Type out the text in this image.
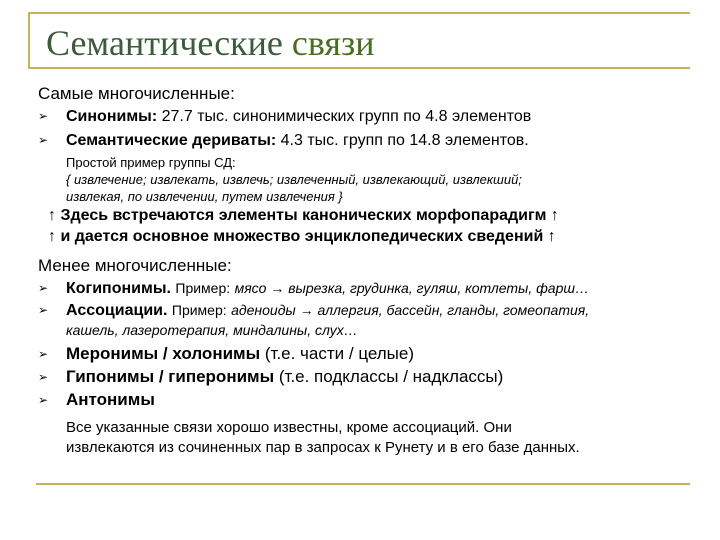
Семантические связи
Самые многочисленные:
➢ Синонимы: 27.7 тыс. синонимических групп по 4.8 элементов
➢ Семантические дериваты: 4.3 тыс. групп по 14.8 элементов.
Простой пример группы СД:
{ извлечение; извлекать, извлечь; извлеченный, извлекающий, извлекший;
извлекая, по извлечении, путем извлечения }
↑ Здесь встречаются элементы канонических морфопарадигм ↑
↑ и дается основное множество энциклопедических сведений ↑
Менее многочисленные:
➢ Когипонимы. Пример: мясо → вырезка, грудинка, гуляш, котлеты, фарш…
➢ Ассоциации. Пример: аденоиды → аллергия, бассейн, гланды, гомеопатия,
кашель, лазеротерапия, миндалины, слух…
➢ Меронимы / холонимы (т.е. части / целые)
➢ Гипонимы / гиперонимы (т.е. подклассы / надклассы)
➢ Антонимы
Все указанные связи хорошо известны, кроме ассоциаций. Они
извлекаются из сочиненных пар в запросах к Рунету и в его базе данных.
